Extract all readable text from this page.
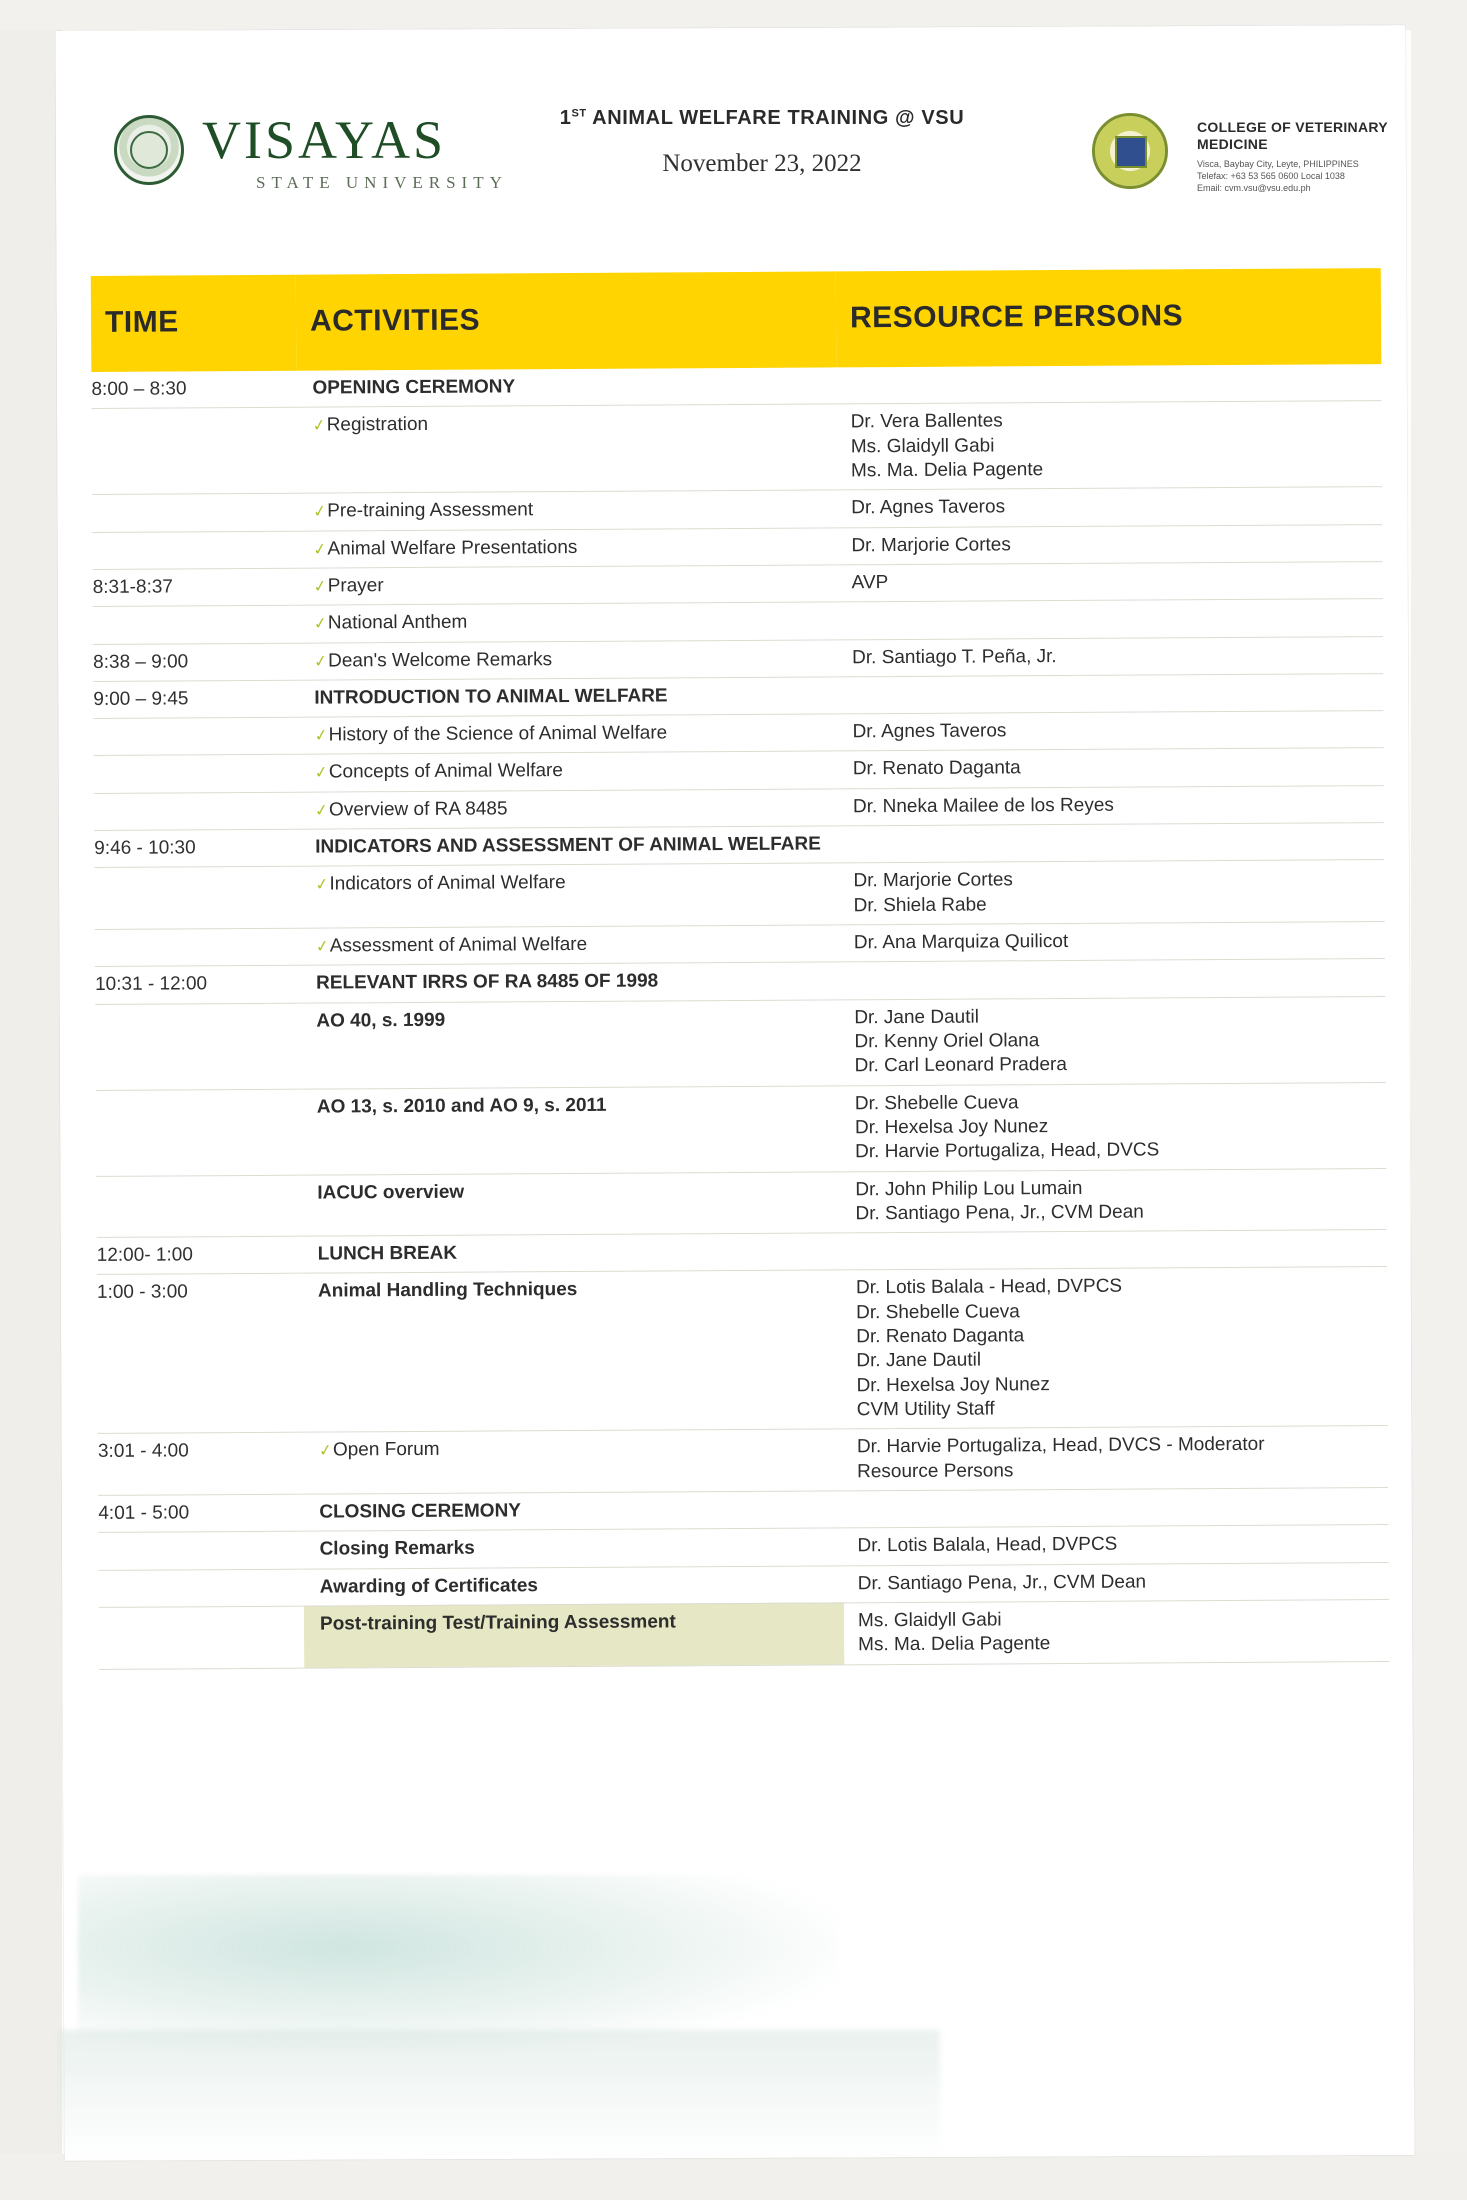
VISAYAS
STATE UNIVERSITY
1ST ANIMAL WELFARE TRAINING @ VSU
November 23, 2022
COLLEGE OF VETERINARY
MEDICINE
Visca, Baybay City, Leyte, PHILIPPINES
Telefax: +63 53 565 0600 Local 1038
Email: cvm.vsu@vsu.edu.ph
TIME	ACTIVITIES	RESOURCE PERSONS
8:00 – 8:30	OPENING CEREMONY	
	✓Registration	Dr. Vera Ballentes
Ms. Glaidyll Gabi
Ms. Ma. Delia Pagente

	✓Pre-training Assessment	Dr. Agnes Taveros

	✓Animal Welfare Presentations	Dr. Marjorie Cortes

8:31-8:37	✓Prayer	AVP

	✓National Anthem	
8:38 – 9:00	✓Dean's Welcome Remarks	Dr. Santiago T. Peña, Jr.

9:00 – 9:45	INTRODUCTION TO ANIMAL WELFARE	
	✓History of the Science of Animal Welfare	Dr. Agnes Taveros

	✓Concepts of Animal Welfare	Dr. Renato Daganta

	✓Overview of RA 8485	Dr. Nneka Mailee de los Reyes

9:46 - 10:30	INDICATORS AND ASSESSMENT OF ANIMAL WELFARE	
	✓Indicators of Animal Welfare	Dr. Marjorie Cortes
Dr. Shiela Rabe

	✓Assessment of Animal Welfare	Dr. Ana Marquiza Quilicot

10:31 - 12:00	RELEVANT IRRS OF RA 8485 OF 1998	
	AO 40, s. 1999	Dr. Jane Dautil
Dr. Kenny Oriel Olana
Dr. Carl Leonard Pradera

	AO 13, s. 2010 and AO 9, s. 2011	Dr. Shebelle Cueva
Dr. Hexelsa Joy Nunez
Dr. Harvie Portugaliza, Head, DVCS

	IACUC overview	Dr. John Philip Lou Lumain
Dr. Santiago Pena, Jr., CVM Dean

12:00- 1:00	LUNCH BREAK	
1:00 - 3:00	Animal Handling Techniques	Dr. Lotis Balala - Head, DVPCS
Dr. Shebelle Cueva
Dr. Renato Daganta
Dr. Jane Dautil
Dr. Hexelsa Joy Nunez
CVM Utility Staff

3:01 - 4:00	✓Open Forum	Dr. Harvie Portugaliza, Head, DVCS - Moderator
Resource Persons

4:01 - 5:00	CLOSING CEREMONY	
	Closing Remarks	Dr. Lotis Balala, Head, DVPCS

	Awarding of Certificates	Dr. Santiago Pena, Jr., CVM Dean

	Post-training Test/Training Assessment	Ms. Glaidyll Gabi
Ms. Ma. Delia Pagente
